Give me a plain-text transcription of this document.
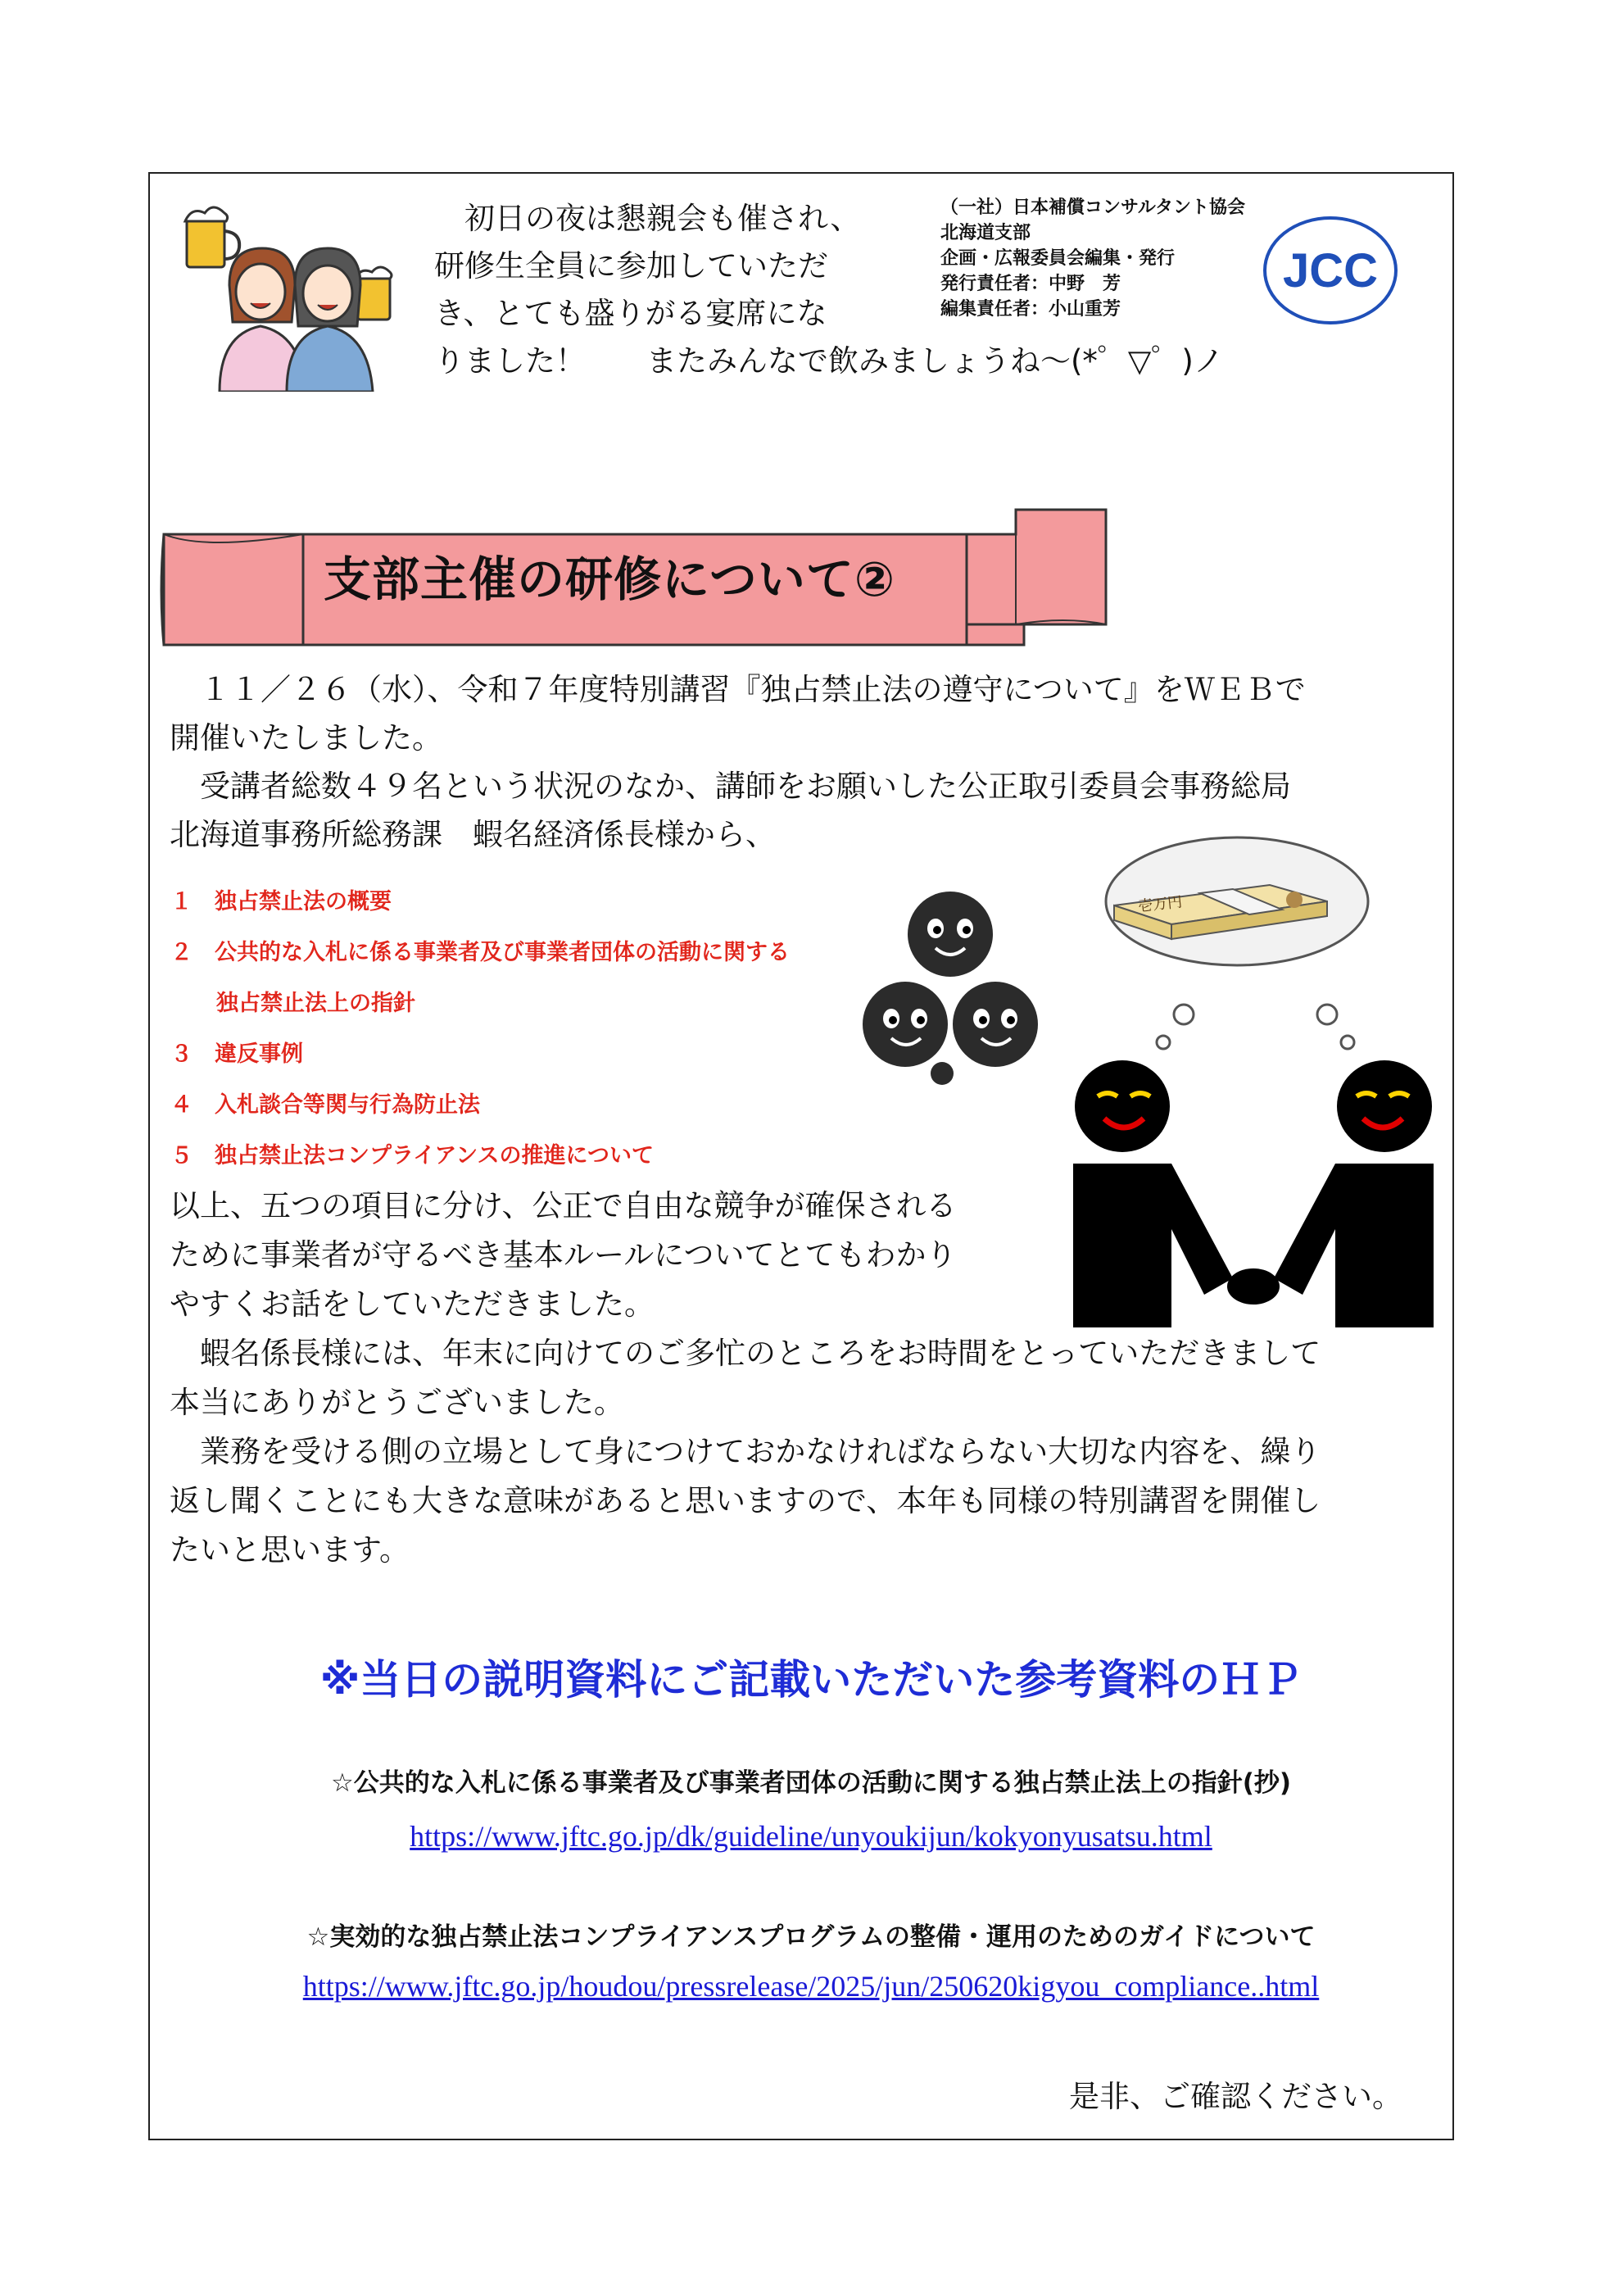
　初日の夜は懇親会も催され、

研修生全員に参加していただ

き、とても盛りがる宴席にな

りました！　　またみんなで飲みましょうね～(*゜▽゜)ノ

（一社）日本補償コンサルタント協会
北海道支部
企画・広報委員会編集・発行
発行責任者：中野　芳
編集責任者：小山重芳
JCC
支部主催の研修について②
　１１／２６（水）、令和７年度特別講習『独占禁止法の遵守について』をＷＥＢで
開催いたしました。
　受講者総数４９名という状況のなか、講師をお願いした公正取引委員会事務総局
北海道事務所総務課　蝦名経済係長様から、
１　独占禁止法の概要
２　公共的な入札に係る事業者及び事業者団体の活動に関する
独占禁止法上の指針
３　違反事例
４　入札談合等関与行為防止法
５　独占禁止法コンプライアンスの推進について
壱万円
以上、五つの項目に分け、公正で自由な競争が確保される
ために事業者が守るべき基本ルールについてとてもわかり
やすくお話をしていただきました。
　蝦名係長様には、年末に向けてのご多忙のところをお時間をとっていただきまして
本当にありがとうございました。
　業務を受ける側の立場として身につけておかなければならない大切な内容を、繰り
返し聞くことにも大きな意味があると思いますので、本年も同様の特別講習を開催し
たいと思います。
※当日の説明資料にご記載いただいた参考資料のＨＰ
☆公共的な入札に係る事業者及び事業者団体の活動に関する独占禁止法上の指針(抄)
https://www.jftc.go.jp/dk/guideline/unyoukijun/kokyonyusatsu.html
☆実効的な独占禁止法コンプライアンスプログラムの整備・運用のためのガイドについて
https://www.jftc.go.jp/houdou/pressrelease/2025/jun/250620kigyou_compliance..html
是非、ご確認ください。
